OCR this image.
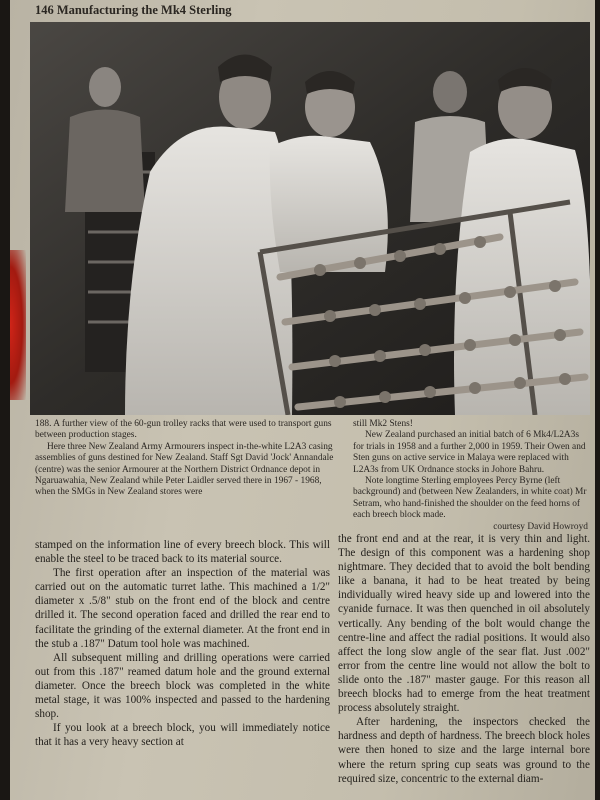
146 Manufacturing the Mk4 Sterling

188. A further view of the 60-gun trolley racks that were used to transport guns between production stages.

Here three New Zealand Army Armourers inspect in-the-white L2A3 casing assemblies of guns destined for New Zealand. Staff Sgt David 'Jock' Annandale (centre) was the senior Armourer at the Northern District Ordnance depot in Ngaruawahia, New Zealand while Peter Laidler served there in 1967 - 1968, when the SMGs in New Zealand stores were

still Mk2 Stens!

New Zealand purchased an initial batch of 6 Mk4/L2A3s for trials in 1958 and a further 2,000 in 1959. Their Owen and Sten guns on active service in Malaya were replaced with L2A3s from UK Ordnance stocks in Johore Bahru.

Note longtime Sterling employees Percy Byrne (left background) and (between New Zealanders, in white coat) Mr Setram, who hand-finished the shoulder on the feed horns of each breech block made.

courtesy David Howroyd

stamped on the information line of every breech block. This will enable the steel to be traced back to its material source.

The first operation after an inspection of the material was carried out on the automatic turret lathe. This machined a 1/2" diameter x .5/8" stub on the front end of the block and centre drilled it. The second operation faced and drilled the rear end to facilitate the grinding of the external diameter. At the front end in the stub a .187" Datum tool hole was machined.

All subsequent milling and drilling operations were carried out from this .187" reamed datum hole and the ground external diameter. Once the breech block was completed in the white metal stage, it was 100% inspected and passed to the hardening shop.

If you look at a breech block, you will immediately notice that it has a very heavy section at

the front end and at the rear, it is very thin and light. The design of this component was a hardening shop nightmare. They decided that to avoid the bolt bending like a banana, it had to be heat treated by being individually wired heavy side up and lowered into the cyanide furnace. It was then quenched in oil absolutely vertically. Any bending of the bolt would change the centre-line and affect the radial positions. It would also affect the long slow angle of the sear flat. Just .002" error from the centre line would not allow the bolt to slide onto the .187" master gauge. For this reason all breech blocks had to emerge from the heat treatment process absolutely straight.

After hardening, the inspectors checked the hardness and depth of hardness. The breech block holes were then honed to size and the large internal bore where the return spring cup seats was ground to the required size, concentric to the external diam-
